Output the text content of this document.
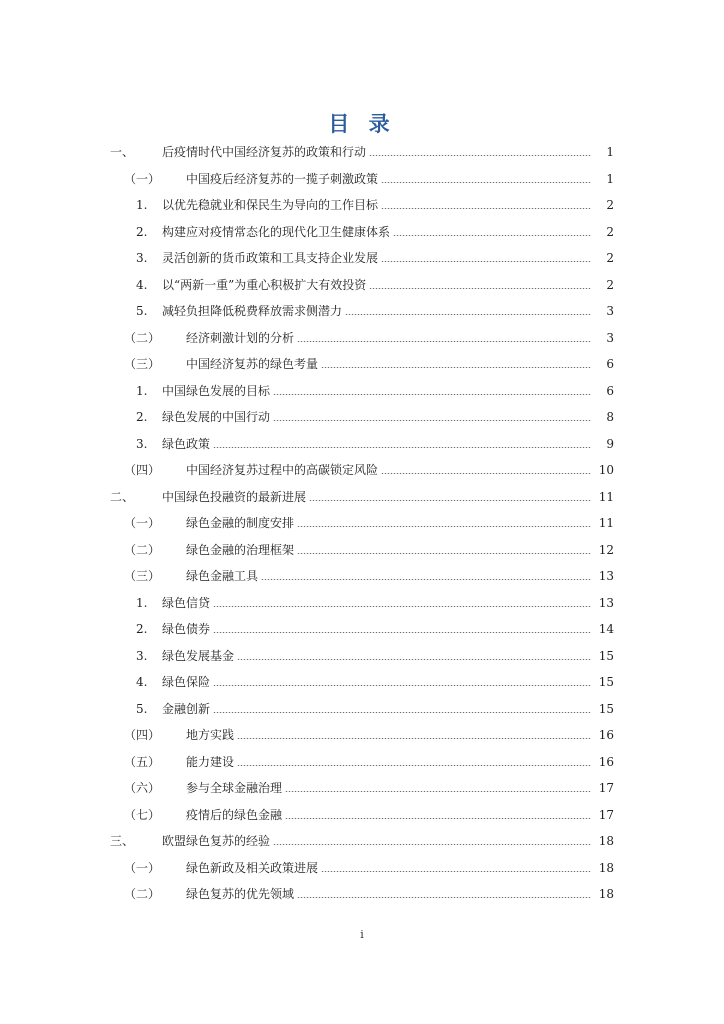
目 录
一、 后疫情时代中国经济复苏的政策和行动	1
（一） 中国疫后经济复苏的一揽子刺激政策	1
1. 以优先稳就业和保民生为导向的工作目标	2
2. 构建应对疫情常态化的现代化卫生健康体系	2
3. 灵活创新的货币政策和工具支持企业发展	2
4. 以“两新一重”为重心积极扩大有效投资	2
5. 减轻负担降低税费释放需求侧潜力	3
（二） 经济刺激计划的分析	3
（三） 中国经济复苏的绿色考量	6
1. 中国绿色发展的目标	6
2. 绿色发展的中国行动	8
3. 绿色政策	9
（四） 中国经济复苏过程中的高碳锁定风险	10
二、 中国绿色投融资的最新进展	11
（一） 绿色金融的制度安排	11
（二） 绿色金融的治理框架	12
（三） 绿色金融工具	13
1. 绿色信贷	13
2. 绿色债券	14
3. 绿色发展基金	15
4. 绿色保险	15
5. 金融创新	15
（四） 地方实践	16
（五） 能力建设	16
（六） 参与全球金融治理	17
（七） 疫情后的绿色金融	17
三、 欧盟绿色复苏的经验	18
（一） 绿色新政及相关政策进展	18
（二） 绿色复苏的优先领域	18
i
